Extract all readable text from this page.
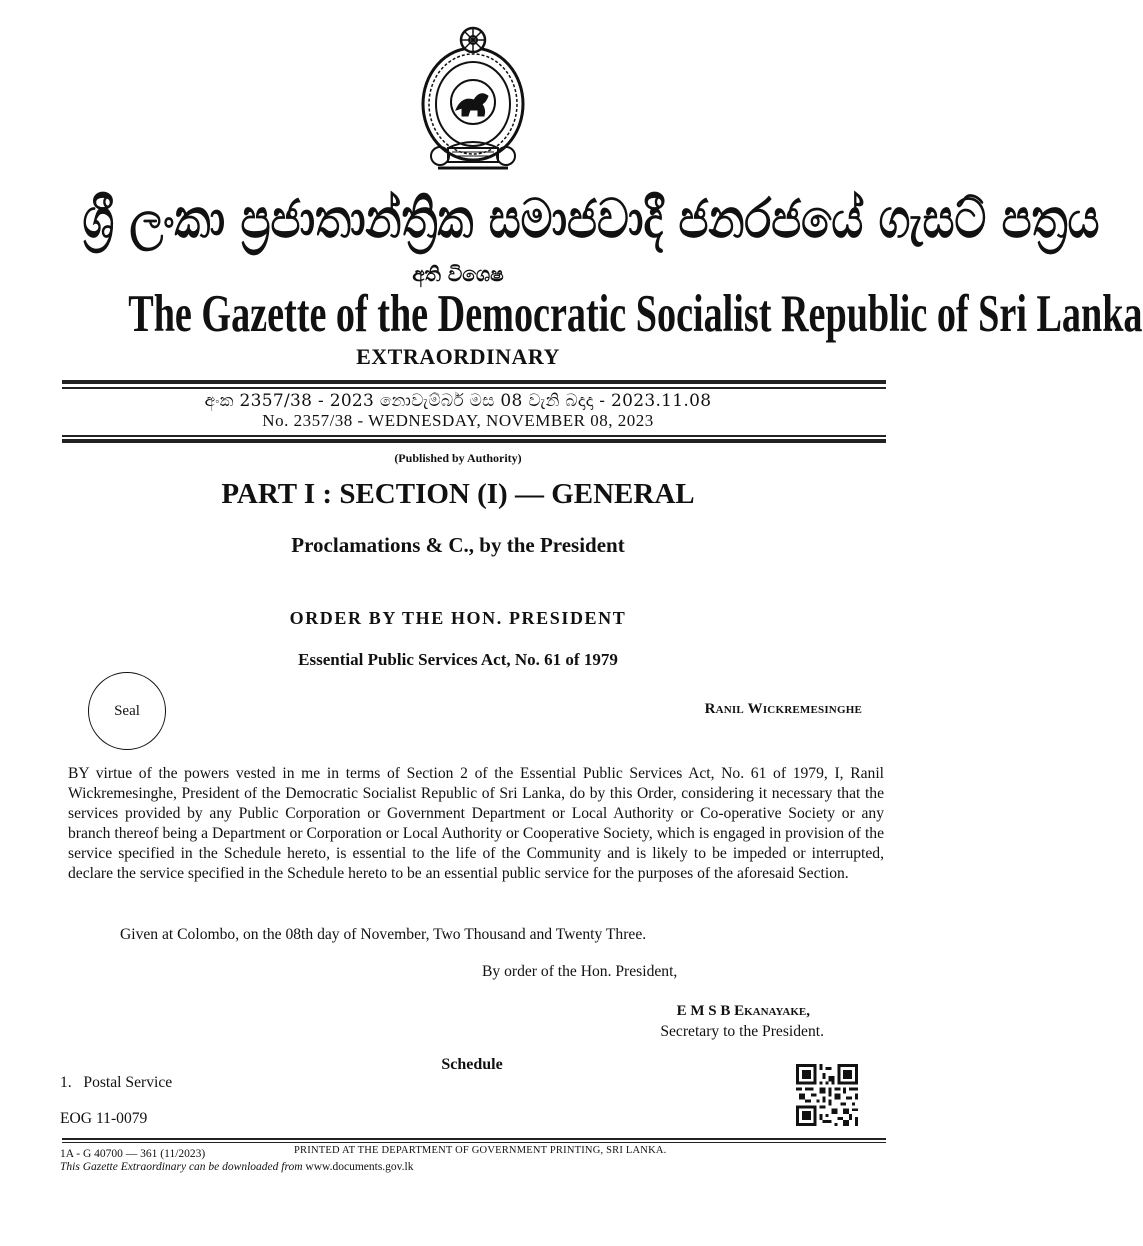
ශ්‍රී ලංකා ප්‍රජාතාන්ත්‍රික සමාජවාදී ජනරජයේ ගැසට් පත්‍රය
අති විශෙෂ
The Gazette of the Democratic Socialist Republic of Sri Lanka
EXTRAORDINARY
අංක 2357/38 - 2023 නොවැම්බර් මස 08 වැනි බදාදා - 2023.11.08
No. 2357/38 - WEDNESDAY, NOVEMBER 08, 2023
(Published by Authority)
PART I : SECTION (I) — GENERAL
Proclamations & C., by the President
ORDER BY THE HON. PRESIDENT
Essential Public Services Act, No. 61 of 1979
Seal	Ranil Wickremesinghe
BY virtue of the powers vested in me in terms of Section 2 of the Essential Public Services Act, No. 61 of 1979, I, Ranil Wickremesinghe, President of the Democratic Socialist Republic of Sri Lanka, do by this Order, considering it necessary that the services provided by any Public Corporation or Government Department or Local Authority or Co-operative Society or any branch thereof being a Department or Corporation or Local Authority or Cooperative Society, which is engaged in provision of the service specified in the Schedule hereto, is essential to the life of the Community and is likely to be impeded or interrupted, declare the service specified in the Schedule hereto to be an essential public service for the purposes of the aforesaid Section.
Given at Colombo, on the 08th day of November, Two Thousand and Twenty Three.
By order of the Hon. President,
E M S B Ekanayake,
Secretary to the President.
Schedule
1.   Postal Service
EOG 11-0079
1A - G 40700 — 361 (11/2023)	PRINTED AT THE DEPARTMENT OF GOVERNMENT PRINTING, SRI LANKA.
This Gazette Extraordinary can be downloaded from www.documents.gov.lk
